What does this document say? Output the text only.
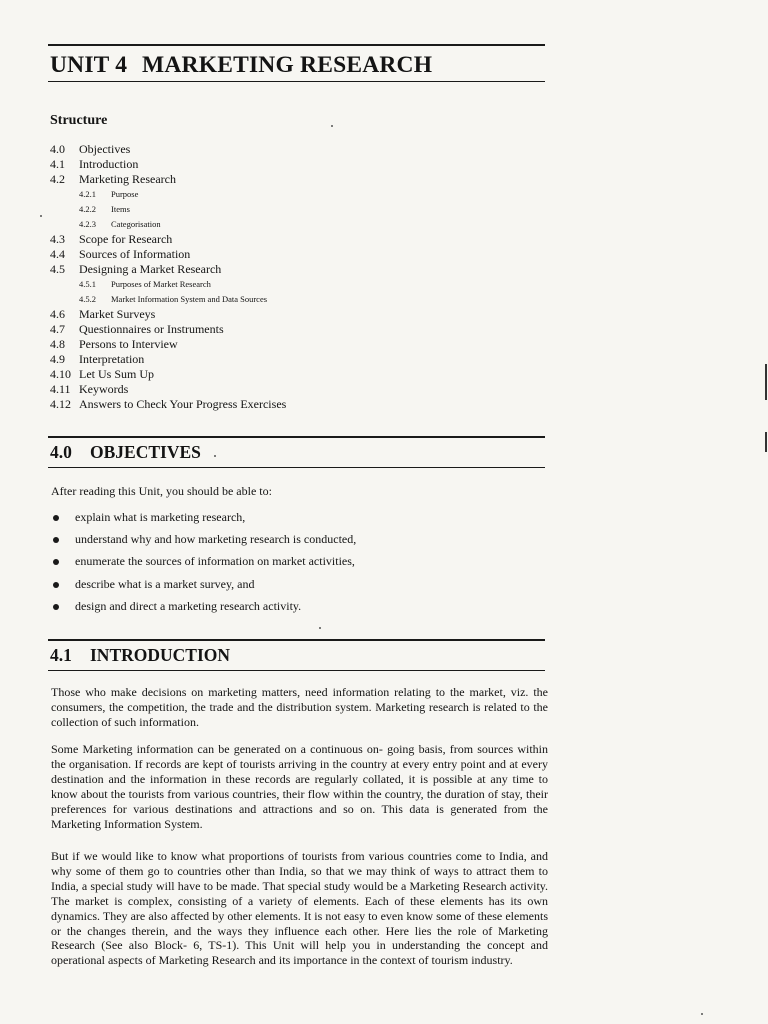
UNIT 4 MARKETING RESEARCH
Structure
4.0 Objectives
4.1 Introduction
4.2 Marketing Research
4.2.1 Purpose
4.2.2 Items
4.2.3 Categorisation
4.3 Scope for Research
4.4 Sources of Information
4.5 Designing a Market Research
4.5.1 Purposes of Market Research
4.5.2 Market Information System and Data Sources
4.6 Market Surveys
4.7 Questionnaires or Instruments
4.8 Persons to Interview
4.9 Interpretation
4.10 Let Us Sum Up
4.11 Keywords
4.12 Answers to Check Your Progress Exercises
4.0 OBJECTIVES

After reading this Unit, you should be able to:

explain what is marketing research,
understand why and how marketing research is conducted,
enumerate the sources of information on market activities,
describe what is a market survey, and
design and direct a marketing research activity.
4.1 INTRODUCTION

Those who make decisions on marketing matters, need information relating to the market, viz. the consumers, the competition, the trade and the distribution system. Marketing research is related to the collection of such information.

Some Marketing information can be generated on a continuous on- going basis, from sources within the organisation. If records are kept of tourists arriving in the country at every entry point and at every destination and the information in these records are regularly collated, it is possible at any time to know about the tourists from various countries, their flow within the country, the duration of stay, their preferences for various destinations and attractions and so on. This data is generated from the Marketing Information System.

But if we would like to know what proportions of tourists from various countries come to India, and why some of them go to countries other than India, so that we may think of ways to attract them to India, a special study will have to be made. That special study would be a Marketing Research activity. The market is complex, consisting of a variety of elements. Each of these elements has its own dynamics. They are also affected by other elements. It is not easy to even know some of these elements or the changes therein, and the ways they influence each other. Here lies the role of Marketing Research (See also Block- 6, TS-1). This Unit will help you in understanding the concept and operational aspects of Marketing Research and its importance in the context of tourism industry.
